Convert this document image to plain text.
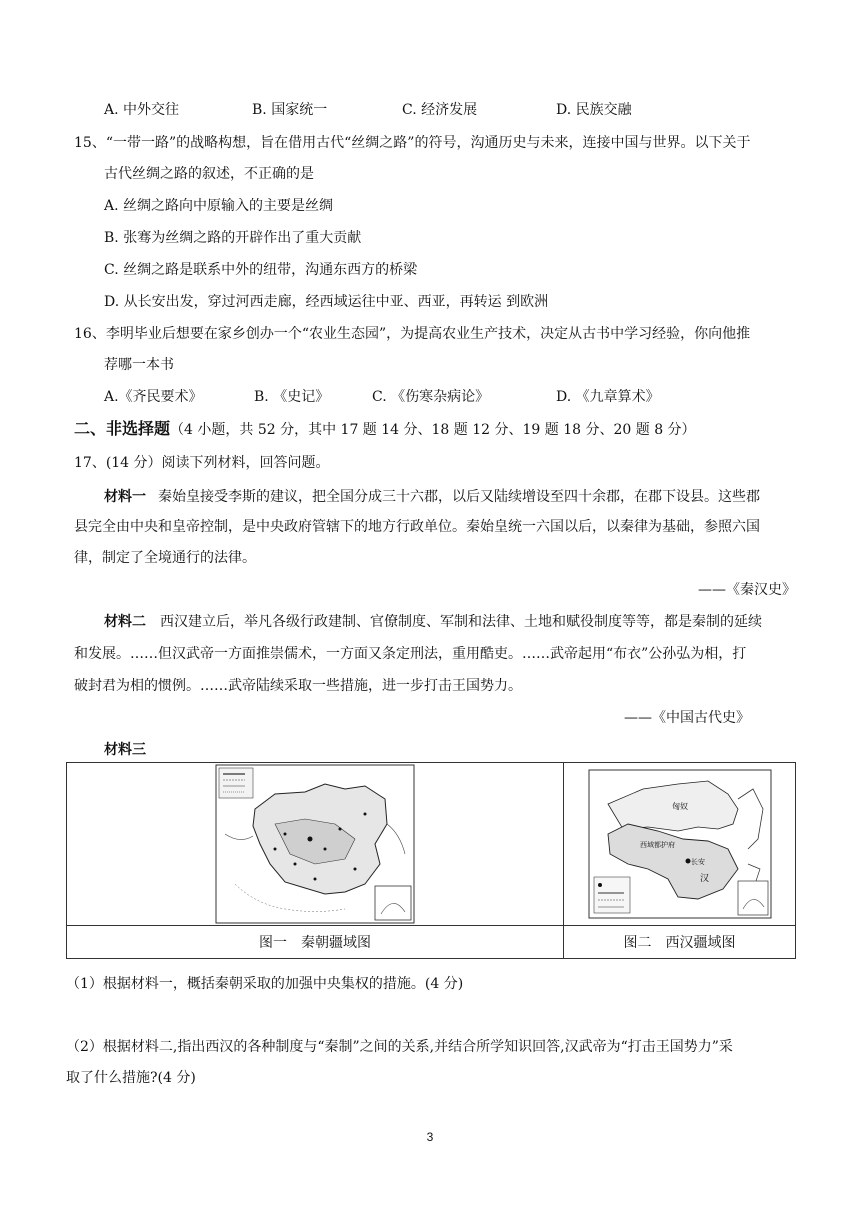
A. 中外交往	B. 国家统一	C. 经济发展	D. 民族交融
15、“一带一路”的战略构想，旨在借用古代“丝绸之路”的符号，沟通历史与未来，连接中国与世界。以下关于
古代丝绸之路的叙述，不正确的是
A. 丝绸之路向中原输入的主要是丝绸
B. 张骞为丝绸之路的开辟作出了重大贡献
C. 丝绸之路是联系中外的纽带，沟通东西方的桥梁
D. 从长安出发，穿过河西走廊，经西域运往中亚、西亚，再转运 到欧洲
16、李明毕业后想要在家乡创办一个“农业生态园”，为提高农业生产技术，决定从古书中学习经验，你向他推
荐哪一本书
A.《齐民要术》	B. 《史记》	C. 《伤寒杂病论》	D. 《九章算术》
二、非选择题（4 小题，共 52 分，其中 17 题 14 分、18 题 12 分、19 题 18 分、20 题 8 分）
17、(14 分）阅读下列材料，回答问题。
材料一 秦始皇接受李斯的建议，把全国分成三十六郡，以后又陆续增设至四十余郡，在郡下设县。这些郡
县完全由中央和皇帝控制，是中央政府管辖下的地方行政单位。秦始皇统一六国以后，以秦律为基础，参照六国
律，制定了全境通行的法律。
——《秦汉史》
材料二 西汉建立后，举凡各级行政建制、官僚制度、军制和法律、土地和赋役制度等等，都是秦制的延续
和发展。……但汉武帝一方面推崇儒术，一方面又条定刑法，重用酷吏。……武帝起用“布衣”公孙弘为相，打
破封君为相的惯例。……武帝陆续采取一些措施，进一步打击王国势力。
——《中国古代史》
材料三

西域都护府
匈奴
长安
汉

图一　秦朝疆域图	图二　西汉疆域图
（1）根据材料一，概括秦朝采取的加强中央集权的措施。(4 分)
（2）根据材料二,指出西汉的各种制度与“秦制”之间的关系,并结合所学知识回答,汉武帝为“打击王国势力”采
取了什么措施?(4 分)
3
